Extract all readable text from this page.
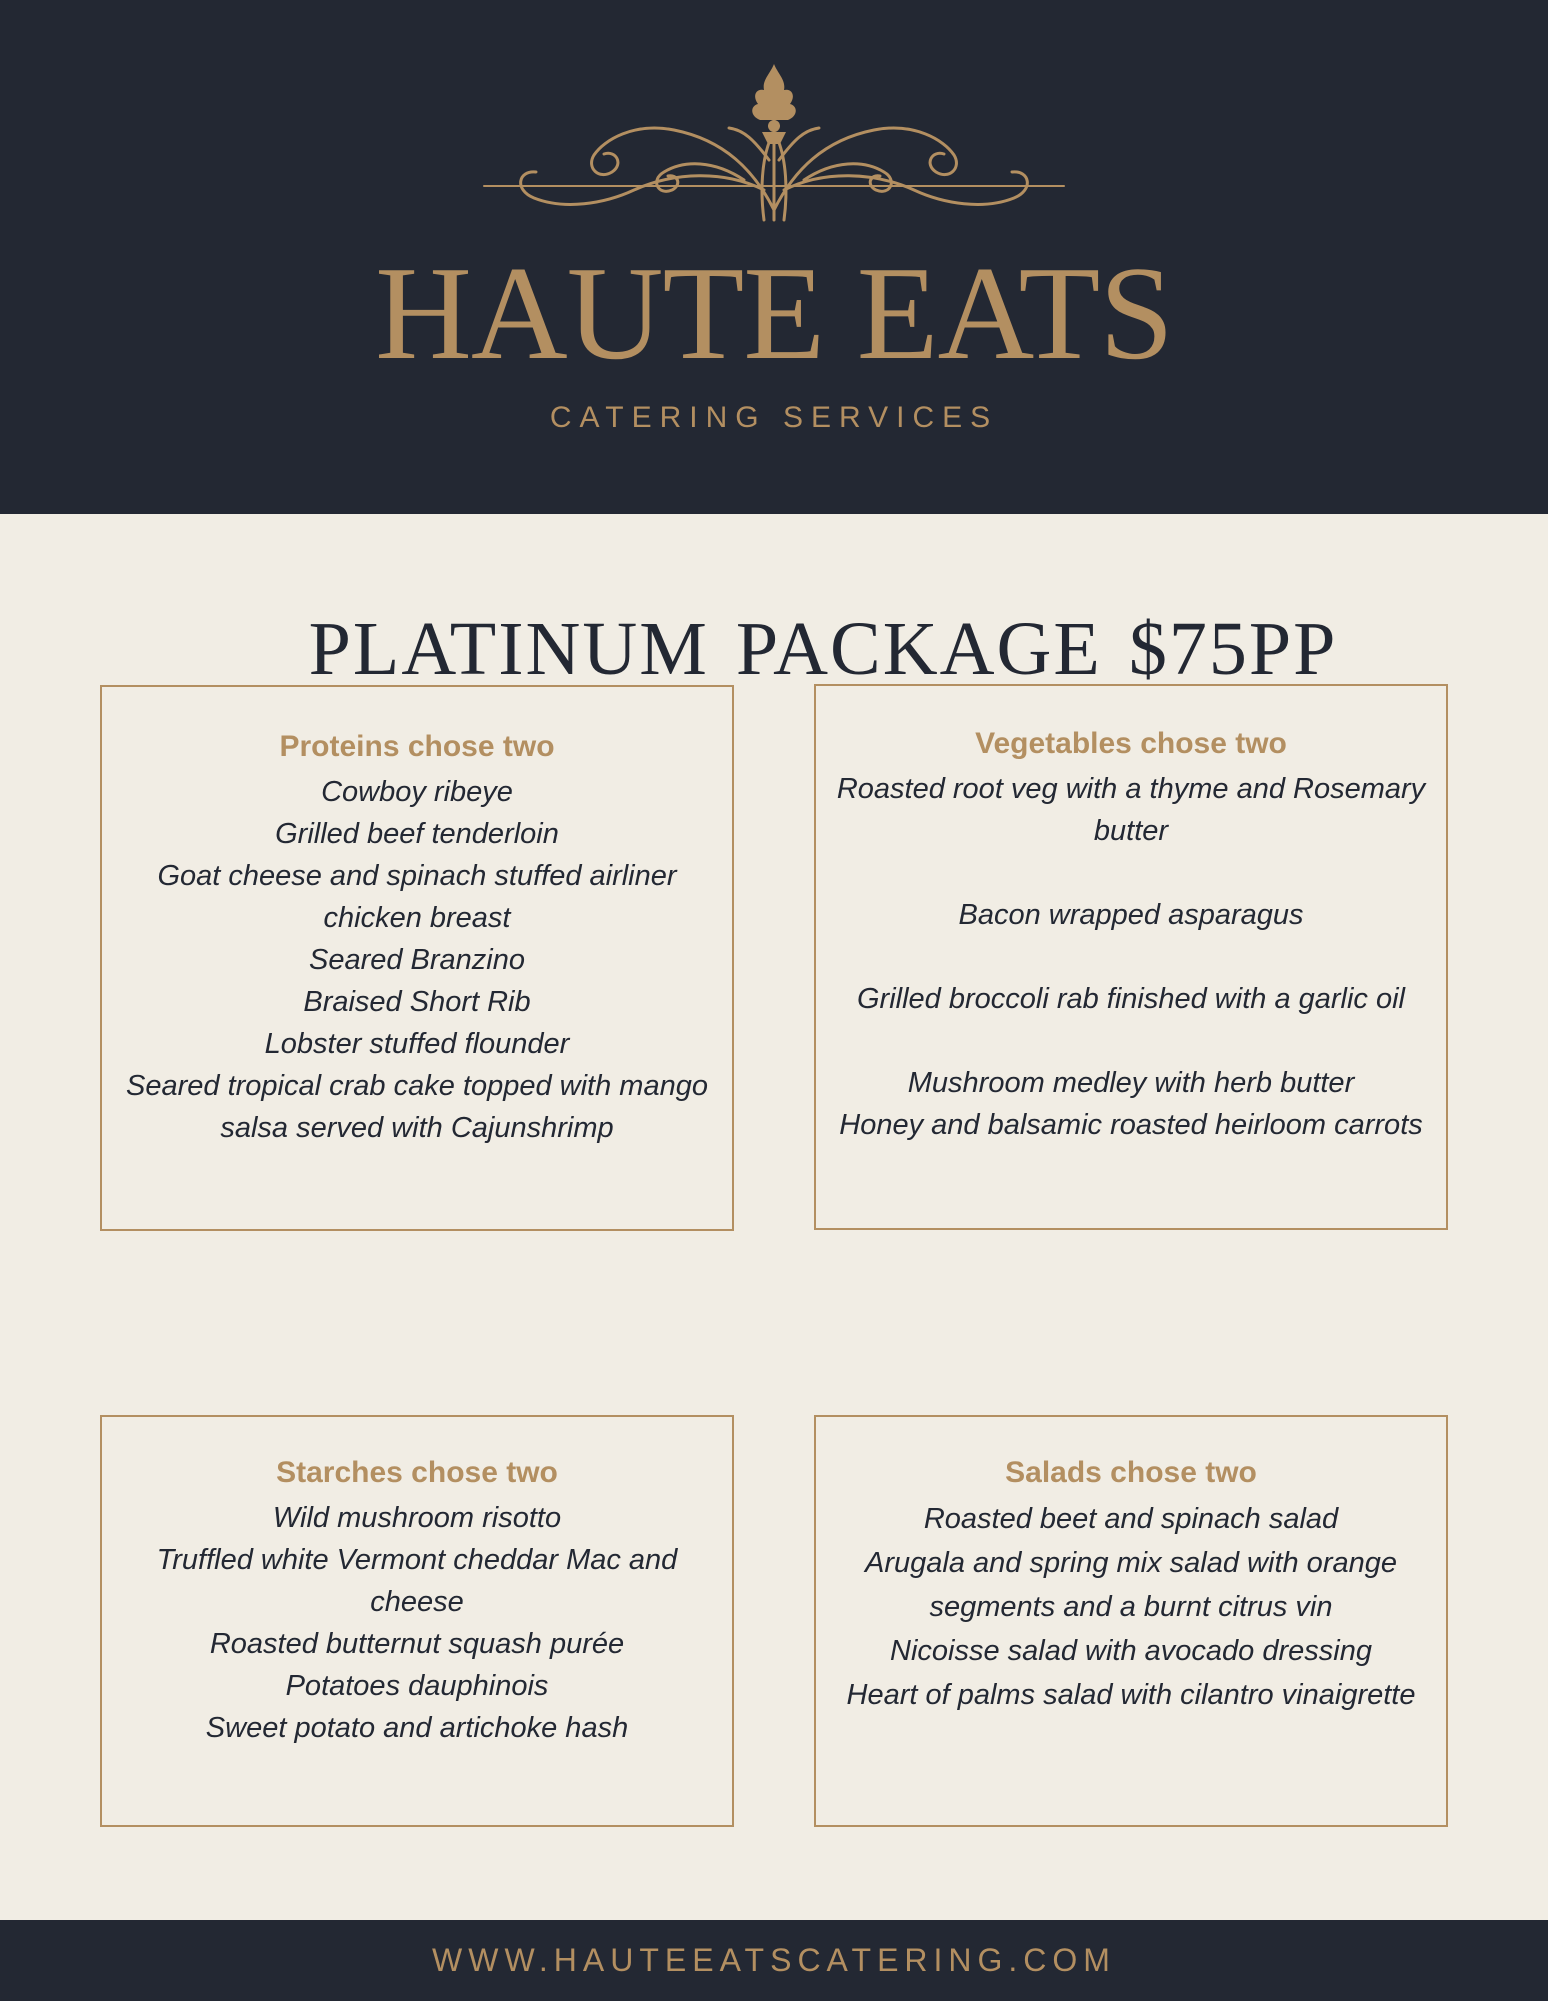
HAUTE EATS
CATERING SERVICES
PLATINUM PACKAGE $75PP
Proteins chose two
Cowboy ribeye
Grilled beef tenderloin
Goat cheese and spinach stuffed airliner chicken breast
Seared Branzino
Braised Short Rib
Lobster stuffed flounder
Seared tropical crab cake topped with mango salsa served with Cajunshrimp
Vegetables chose two
Roasted root veg with a thyme and Rosemary butter
Bacon wrapped asparagus
Grilled broccoli rab finished with a garlic oil
Mushroom medley with herb butter
Honey and balsamic roasted heirloom carrots
Starches chose two
Wild mushroom risotto
Truffled white Vermont cheddar Mac and cheese
Roasted butternut squash purée
Potatoes dauphinois
Sweet potato and artichoke hash
Salads chose two
Roasted beet and spinach salad
Arugala and spring mix salad with orange segments and a burnt citrus vin
Nicoisse salad with avocado dressing
Heart of palms salad with cilantro vinaigrette
WWW.HAUTEEATSCATERING.COM
